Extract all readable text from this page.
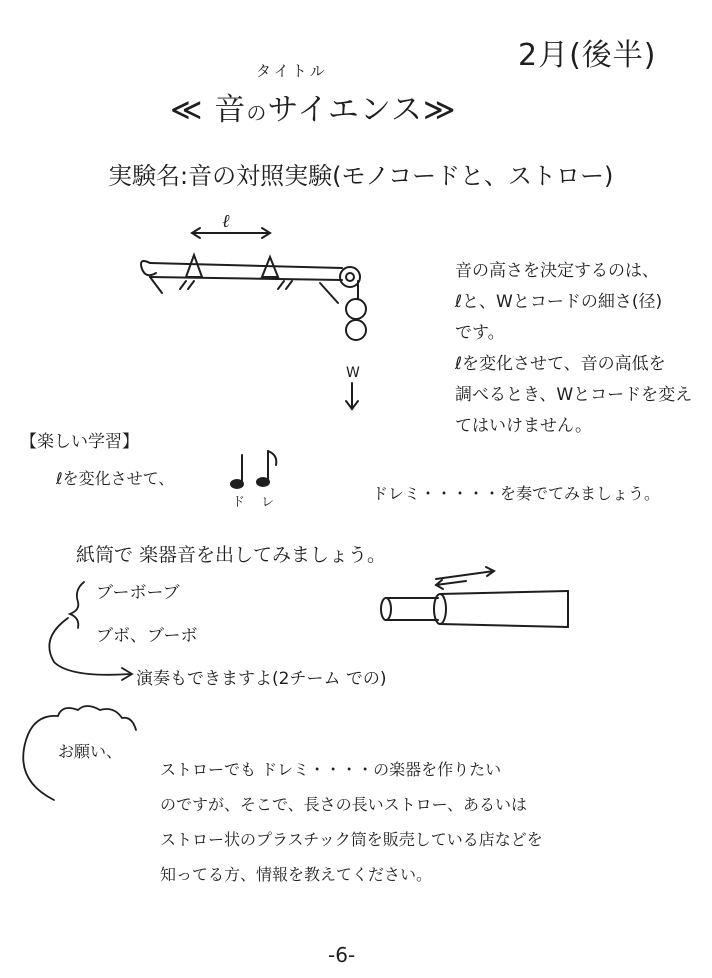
2月(後半)
タイトル
≪ 音のサイエンス≫
実験名:音の対照実験(モノコードと、ストロー)
ℓ
W
音の高さを決定するのは、
ℓと、Wとコードの細さ(径)
です。
ℓを変化させて、音の高低を
調べるとき、Wとコードを変え
てはいけません。
【楽しい学習】
ℓを変化させて、
ド レ	ドレミ・・・・・を奏でてみましょう。
紙筒で 楽器音を出してみましょう。
ブーボーブ
ブボ、ブーボ
演奏もできますよ(2チーム での)
お願い、
ストローでも ドレミ・・・・の楽器を作りたい
のですが、そこで、長さの長いストロー、あるいは
ストロー状のプラスチック筒を販売している店などを
知ってる方、情報を教えてください。
-6-
